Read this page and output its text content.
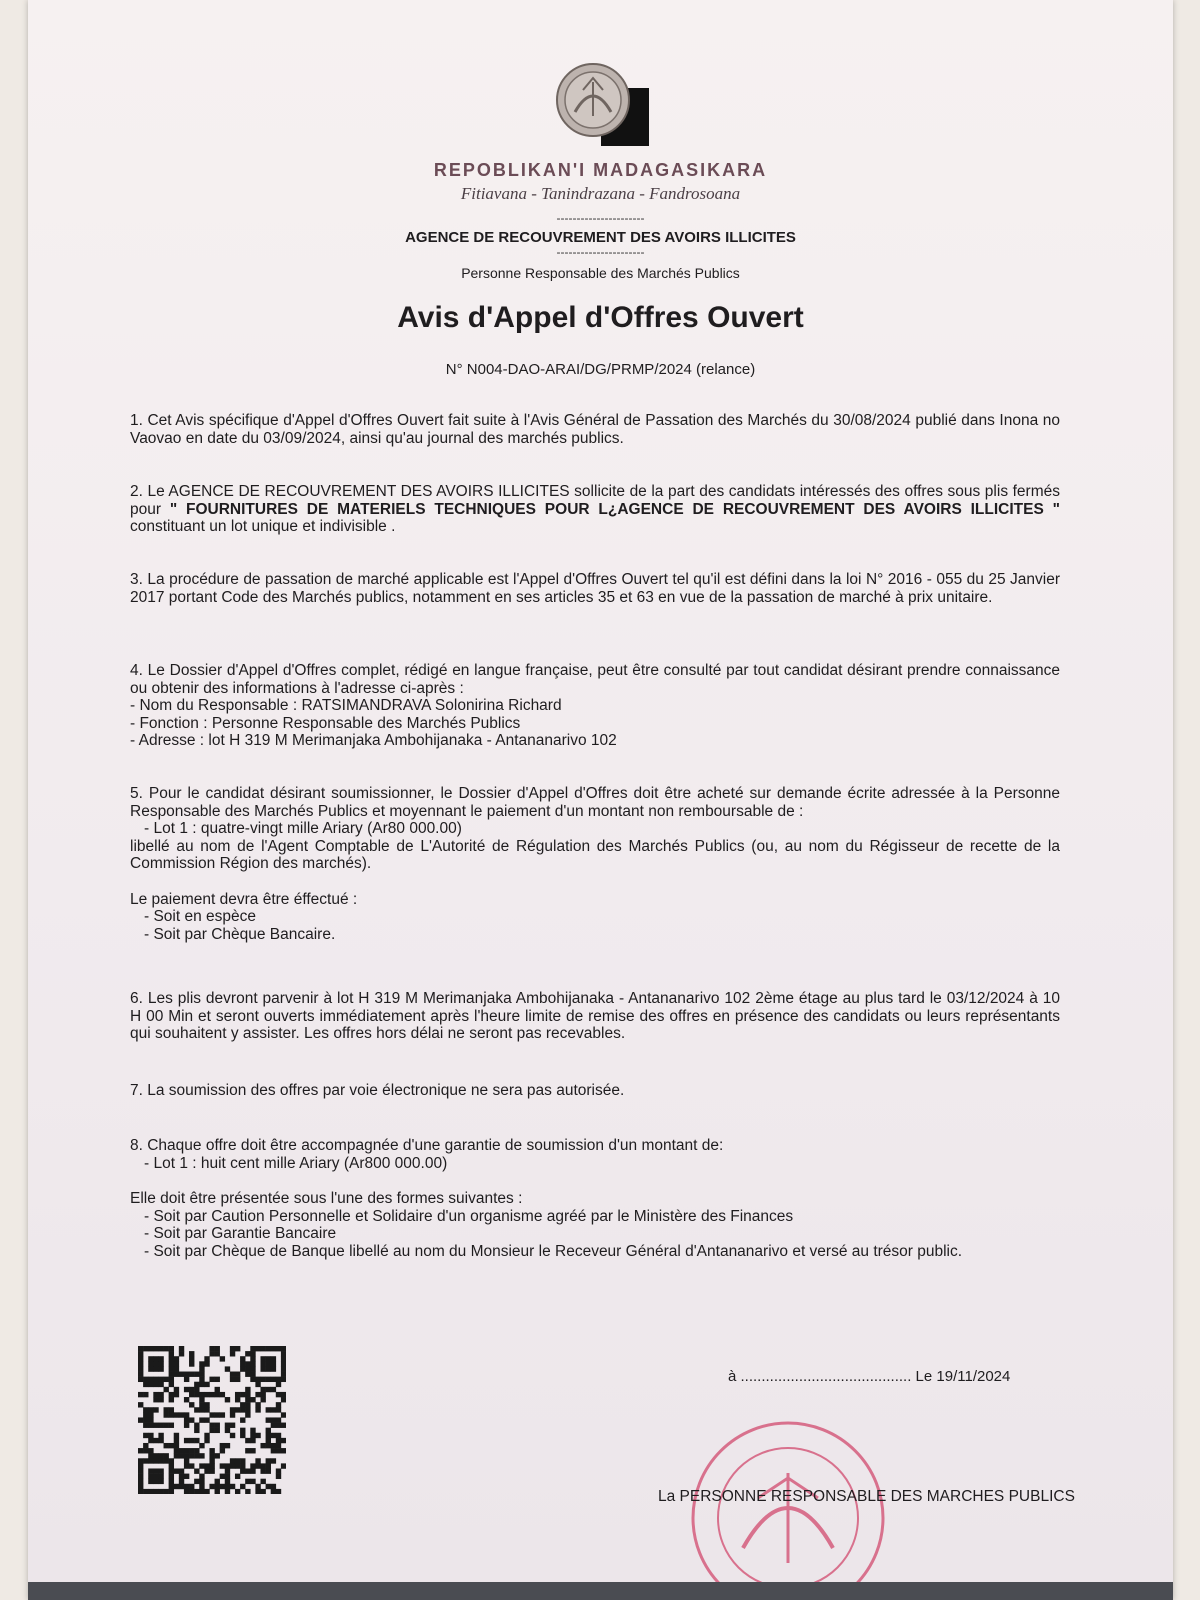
REPOBLIKAN'I MADAGASIKARA
Fitiavana - Tanindrazana - Fandrosoana
----------------------
AGENCE DE RECOUVREMENT DES AVOIRS ILLICITES
----------------------
Personne Responsable des Marchés Publics
Avis d'Appel d'Offres Ouvert
N° N004-DAO-ARAI/DG/PRMP/2024 (relance)
1. Cet Avis spécifique d'Appel d'Offres Ouvert fait suite à l'Avis Général de Passation des Marchés du 30/08/2024 publié dans Inona no Vaovao en date du 03/09/2024, ainsi qu'au journal des marchés publics.
2. Le AGENCE DE RECOUVREMENT DES AVOIRS ILLICITES sollicite de la part des candidats intéressés des offres sous plis fermés pour " FOURNITURES DE MATERIELS TECHNIQUES POUR L¿AGENCE DE RECOUVREMENT DES AVOIRS ILLICITES " constituant un lot unique et indivisible .
3. La procédure de passation de marché applicable est l'Appel d'Offres Ouvert tel qu'il est défini dans la loi N° 2016 - 055 du 25 Janvier 2017 portant Code des Marchés publics, notamment en ses articles 35 et 63 en vue de la passation de marché à prix unitaire.
4. Le Dossier d'Appel d'Offres complet, rédigé en langue française, peut être consulté par tout candidat désirant prendre connaissance ou obtenir des informations à l'adresse ci-après :
- Nom du Responsable : RATSIMANDRAVA Solonirina Richard
- Fonction : Personne Responsable des Marchés Publics
- Adresse : lot H 319 M Merimanjaka Ambohijanaka - Antananarivo 102
5. Pour le candidat désirant soumissionner, le Dossier d'Appel d'Offres doit être acheté sur demande écrite adressée à la Personne Responsable des Marchés Publics et moyennant le paiement d'un montant non remboursable de :
- Lot 1 : quatre-vingt mille Ariary (Ar80 000.00)
libellé au nom de l'Agent Comptable de L'Autorité de Régulation des Marchés Publics (ou, au nom du Régisseur de recette de la Commission Région des marchés).
Le paiement devra être éffectué :
- Soit en espèce
- Soit par Chèque Bancaire.
6. Les plis devront parvenir à lot H 319 M Merimanjaka Ambohijanaka - Antananarivo 102 2ème étage au plus tard le 03/12/2024 à 10 H 00 Min et seront ouverts immédiatement après l'heure limite de remise des offres en présence des candidats ou leurs représentants qui souhaitent y assister. Les offres hors délai ne seront pas recevables.
7. La soumission des offres par voie électronique ne sera pas autorisée.
8. Chaque offre doit être accompagnée d'une garantie de soumission d'un montant de:
- Lot 1 : huit cent mille Ariary (Ar800 000.00)
Elle doit être présentée sous l'une des formes suivantes :
- Soit par Caution Personnelle et Solidaire d'un organisme agréé par le Ministère des Finances
- Soit par Garantie Bancaire
- Soit par Chèque de Banque libellé au nom du Monsieur le Receveur Général d'Antananarivo et versé au trésor public.
à ......................................... Le 19/11/2024
La PERSONNE RESPONSABLE DES MARCHES PUBLICS
